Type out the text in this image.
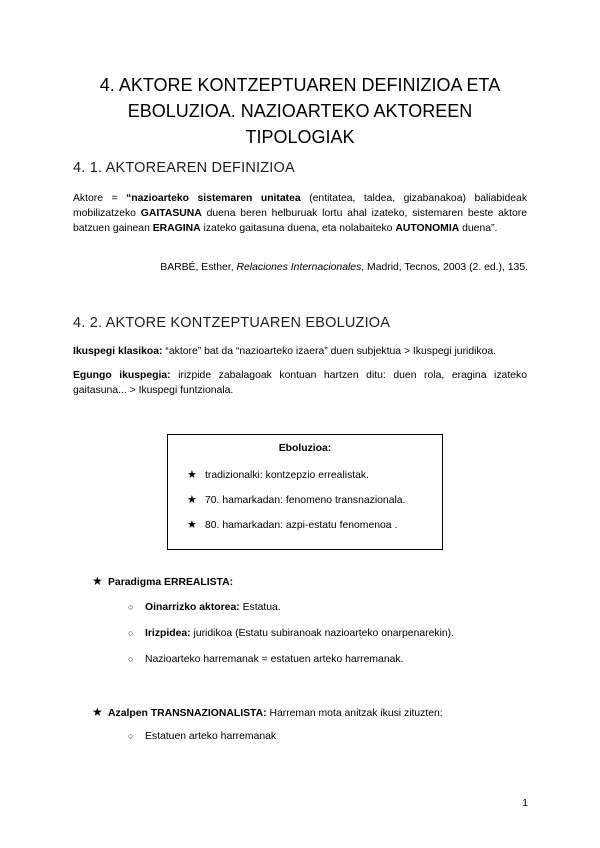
4. AKTORE KONTZEPTUAREN DEFINIZIOA ETA
EBOLUZIOA. NAZIOARTEKO AKTOREEN
TIPOLOGIAK
4. 1. AKTOREAREN DEFINIZIOA
Aktore = “nazioarteko sistemaren unitatea (entitatea, taldea, gizabanakoa) baliabideak mobilizatzeko GAITASUNA duena beren helburuak lortu ahal izateko, sistemaren beste aktore batzuen gainean ERAGINA izateko gaitasuna duena, eta nolabaiteko AUTONOMIA duena”.
BARBÉ, Esther, Relaciones Internacionales, Madrid, Tecnos, 2003 (2. ed.), 135.
4. 2. AKTORE KONTZEPTUAREN EBOLUZIOA
Ikuspegi klasikoa: “aktore” bat da “nazioarteko izaera” duen subjektua > Ikuspegi juridikoa.
Egungo ikuspegia: irizpide zabalagoak kontuan hartzen ditu: duen rola, eragina izateko gaitasuna... > Ikuspegi funtzionala.
Eboluzioa:
★ tradizionalki: kontzepzio errealistak.
★ 70. hamarkadan: fenomeno transnazionala.
★ 80. hamarkadan: azpi-estatu fenomenoa .
★ Paradigma ERREALISTA:
○ Oinarrizko aktorea: Estatua.
○ Irizpidea: juridikoa (Estatu subiranoak nazioarteko onarpenarekin).
○ Nazioarteko harremanak = estatuen arteko harremanak.
★ Azalpen TRANSNAZIONALISTA: Harreman mota anitzak ikusi zituzten:
○ Estatuen arteko harremanak
1
